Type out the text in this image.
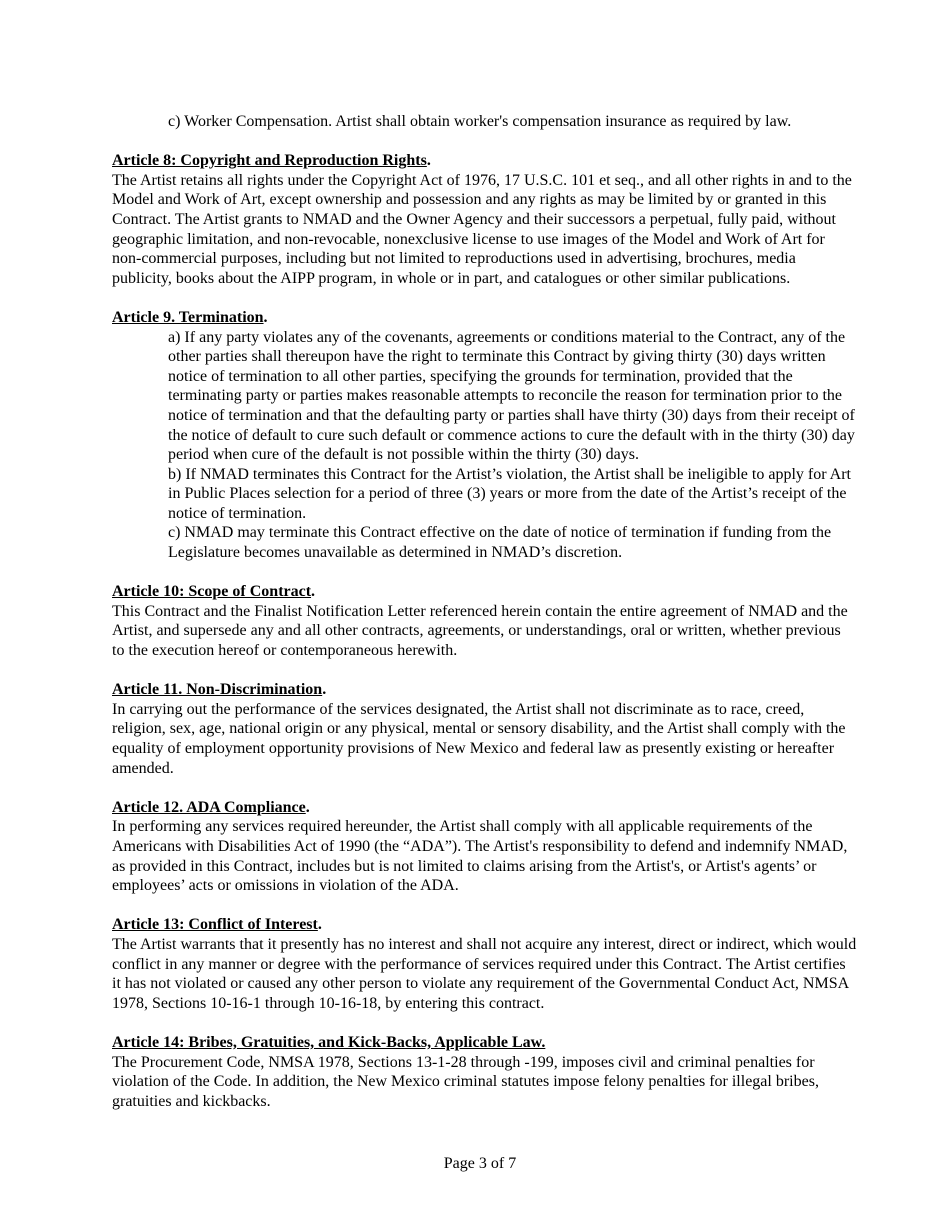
c) Worker Compensation. Artist shall obtain worker's compensation insurance as required by law.

Article 8: Copyright and Reproduction Rights.

The Artist retains all rights under the Copyright Act of 1976, 17 U.S.C. 101 et seq., and all other rights in and to the Model and Work of Art, except ownership and possession and any rights as may be limited by or granted in this Contract. The Artist grants to NMAD and the Owner Agency and their successors a perpetual, fully paid, without geographic limitation, and non-revocable, nonexclusive license to use images of the Model and Work of Art for non-commercial purposes, including but not limited to reproductions used in advertising, brochures, media publicity, books about the AIPP program, in whole or in part, and catalogues or other similar publications.

Article 9. Termination.

a) If any party violates any of the covenants, agreements or conditions material to the Contract, any of the other parties shall thereupon have the right to terminate this Contract by giving thirty (30) days written notice of termination to all other parties, specifying the grounds for termination, provided that the terminating party or parties makes reasonable attempts to reconcile the reason for termination prior to the notice of termination and that the defaulting party or parties shall have thirty (30) days from their receipt of the notice of default to cure such default or commence actions to cure the default with in the thirty (30) day period when cure of the default is not possible within the thirty (30) days.

b) If NMAD terminates this Contract for the Artist’s violation, the Artist shall be ineligible to apply for Art in Public Places selection for a period of three (3) years or more from the date of the Artist’s receipt of the notice of termination.

c) NMAD may terminate this Contract effective on the date of notice of termination if funding from the Legislature becomes unavailable as determined in NMAD’s discretion.

Article 10: Scope of Contract.

This Contract and the Finalist Notification Letter referenced herein contain the entire agreement of NMAD and the Artist, and supersede any and all other contracts, agreements, or understandings, oral or written, whether previous to the execution hereof or contemporaneous herewith.

Article 11. Non-Discrimination.

In carrying out the performance of the services designated, the Artist shall not discriminate as to race, creed, religion, sex, age, national origin or any physical, mental or sensory disability, and the Artist shall comply with the equality of employment opportunity provisions of New Mexico and federal law as presently existing or hereafter amended.

Article 12. ADA Compliance.

In performing any services required hereunder, the Artist shall comply with all applicable requirements of the Americans with Disabilities Act of 1990 (the “ADA”). The Artist's responsibility to defend and indemnify NMAD, as provided in this Contract, includes but is not limited to claims arising from the Artist's, or Artist's agents’ or employees’ acts or omissions in violation of the ADA.

Article 13: Conflict of Interest.

The Artist warrants that it presently has no interest and shall not acquire any interest, direct or indirect, which would conflict in any manner or degree with the performance of services required under this Contract. The Artist certifies it has not violated or caused any other person to violate any requirement of the Governmental Conduct Act, NMSA 1978, Sections 10-16-1 through 10-16-18, by entering this contract.

Article 14: Bribes, Gratuities, and Kick-Backs, Applicable Law.

The Procurement Code, NMSA 1978, Sections 13-1-28 through -199, imposes civil and criminal penalties for violation of the Code. In addition, the New Mexico criminal statutes impose felony penalties for illegal bribes, gratuities and kickbacks.

Page 3 of 7
